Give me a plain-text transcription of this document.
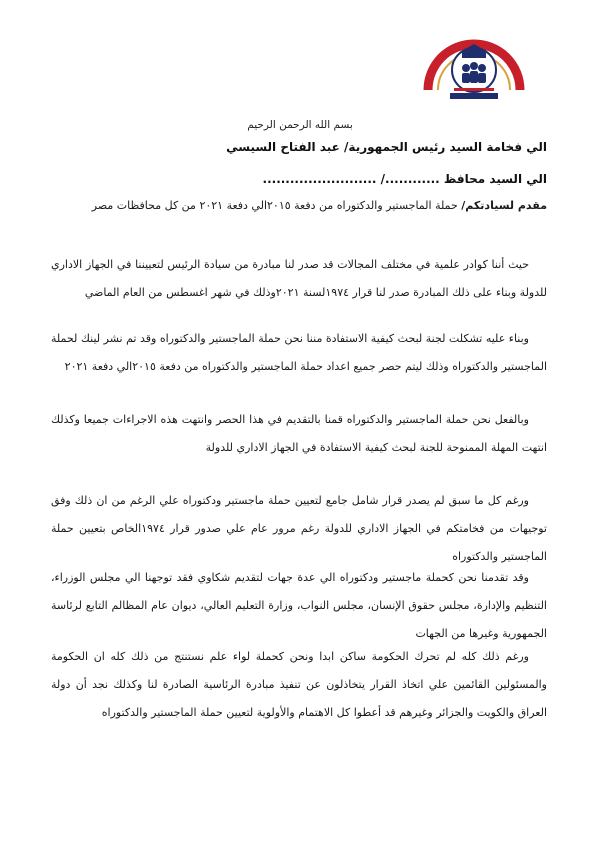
بسم الله الرحمن الرحيم
الي فخامة السيد رئيس الجمهورية/ عبد الفتاح السيسي
الي السيد محافظ ............/ .........................
مقدم لسيادتكم/ حملة الماجستير والدكتوراه من دفعة ٢٠١٥الي دفعة ٢٠٢١ من كل محافظات مصر
حيث أننا كوادر علمية في مختلف المجالات قد صدر لنا مبادرة من سيادة الرئيس لتعييننا في الجهاز الاداري للدولة وبناء على ذلك المبادرة صدر لنا قرار ١٩٧٤لسنة ٢٠٢١وذلك في شهر اغسطس من العام الماضي
وبناء عليه تشكلت لجنة لبحث كيفية الاستفادة مننا نحن حملة الماجستير والدكتوراه وقد تم نشر لينك لحملة الماجستير والدكتوراه وذلك ليتم حصر جميع اعداد حملة الماجستير والدكتوراه من دفعة ٢٠١٥الي دفعة ٢٠٢١
وبالفعل نحن حملة الماجستير والدكتوراه قمنا بالتقديم في هذا الحصر وانتهت هذه الاجراءات جميعا وكذلك انتهت المهلة الممنوحة للجنة لبحث كيفية الاستفادة في الجهاز الاداري للدولة
ورغم كل ما سبق لم يصدر قرار شامل جامع لتعيين حملة ماجستير ودكتوراه علي الرغم من ان ذلك وفق توجيهات من فخامتكم في الجهاز الاداري للدولة رغم مرور عام علي صدور قرار ١٩٧٤الخاص بتعيين حملة الماجستير والدكتوراه
وقد تقدمنا نحن كحملة ماجستير ودكتوراه الي عدة جهات لتقديم شكاوي فقد توجهنا الي مجلس الوزراء، التنظيم والإدارة، مجلس حقوق الإنسان، مجلس النواب، وزارة التعليم العالي، ديوان عام المظالم التابع لرئاسة الجمهورية وغيرها من الجهات
ورغم ذلك كله لم تحرك الحكومة ساكن ابدا ونحن كحملة لواء علم نستنتج من ذلك كله ان الحكومة والمسئولين القائمين علي اتخاذ القرار يتخاذلون عن تنفيذ مبادرة الرئاسية الصادرة لنا وكذلك نجد أن دولة العراق والكويت والجزائر وغيرهم قد أعطوا كل الاهتمام والأولوية لتعيين حملة الماجستير والدكتوراه
